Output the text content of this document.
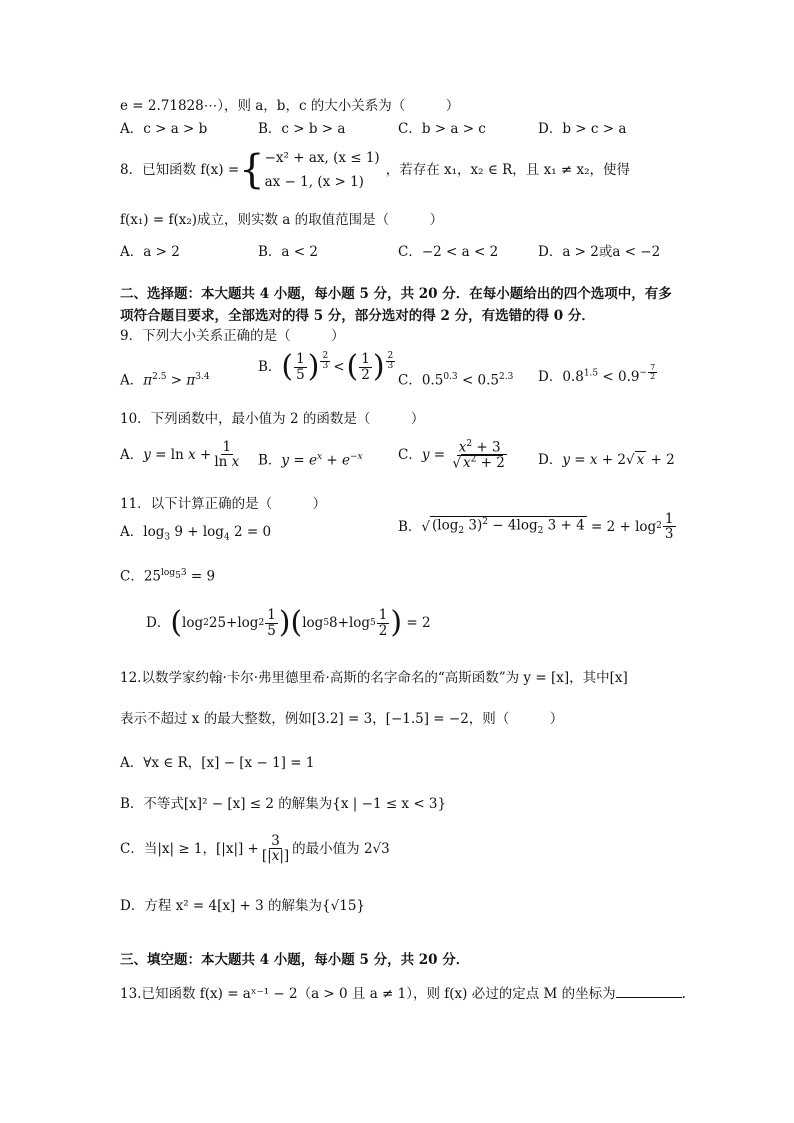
e = 2.71828⋯），则 a，b，c 的大小关系为（　　　）
A．c > a > b	B．c > b > a	C．b > a > c	D．b > c > a
8．已知函数 f(x) = { −x² + ax, (x ≤ 1)
ax − 1, (x > 1)
，若存在 x₁，x₂ ∈ R，且 x₁ ≠ x₂，使得
f(x₁) = f(x₂)成立，则实数 a 的取值范围是（　　　）
A．a > 2	B．a < 2	C．−2 < a < 2	D．a > 2或a < −2
二、选择题：本大题共 4 小题，每小题 5 分，共 20 分．在每小题给出的四个选项中，有多
项符合题目要求，全部选对的得 5 分，部分选对的得 2 分，有选错的得 0 分．
9．下列大小关系正确的是（　　　）
A．$\pi^{2.5} > \pi^{3.4}$
B． ( $\frac{1}{5}$ ) $^{\frac{2}{3}}$ < ( $\frac{1}{2}$ ) $^{\frac{2}{3}}$
C．$0.5^{0.3} < 0.5^{2.3}$ D．$0.8^{1.5} < 0.9^{- \frac{7}{2}}$
10．下列函数中，最小值为 2 的函数是（　　　）
A． $y = \ln x + \frac{1}{\text{ln x}}$ B．$y = e^x + e^{-x}$	C． $y = \frac{x^2 + 3}{√ x^2 + 2}$ D．y = x + 2√ x + 2
11．以下计算正确的是（　　　）
A．$\log_3 9 + \log_4 2 = 0$	B． √ ($\log_2$ $3)^2 - 4\log_2$ $3 + 4 = 2 + \log 2 \frac{1}{3}$
C．$25^{log_53} = 9$
D． ( log 2 25+log $2 \frac{1}{5}$ ) ( log 5 8+log $5 \frac{1}{2}$ ) = 2
12.以数学家约翰·卡尔·弗里德里希·高斯的名字命名的“高斯函数”为 y = [x]，其中[x]
表示不超过 x 的最大整数，例如[3.2] = 3，[−1.5] = −2，则（　　　）
A．∀x ∈ R，[x] − [x − 1] = 1
B．不等式[x]² − [x] ≤ 2 的解集为{x | −1 ≤ x < 3}
C．当|x| ≥ 1，$[|x|] + \frac{3}{[|x|]}$ 的最小值为 2√3
D．方程 x² = 4[x] + 3 的解集为{√15}
三、填空题：本大题共 4 小题，每小题 5 分，共 20 分．
13.已知函数 f(x) = aˣ⁻¹ − 2（a > 0 且 a ≠ 1），则 f(x) 必过的定点 M 的坐标为	.
